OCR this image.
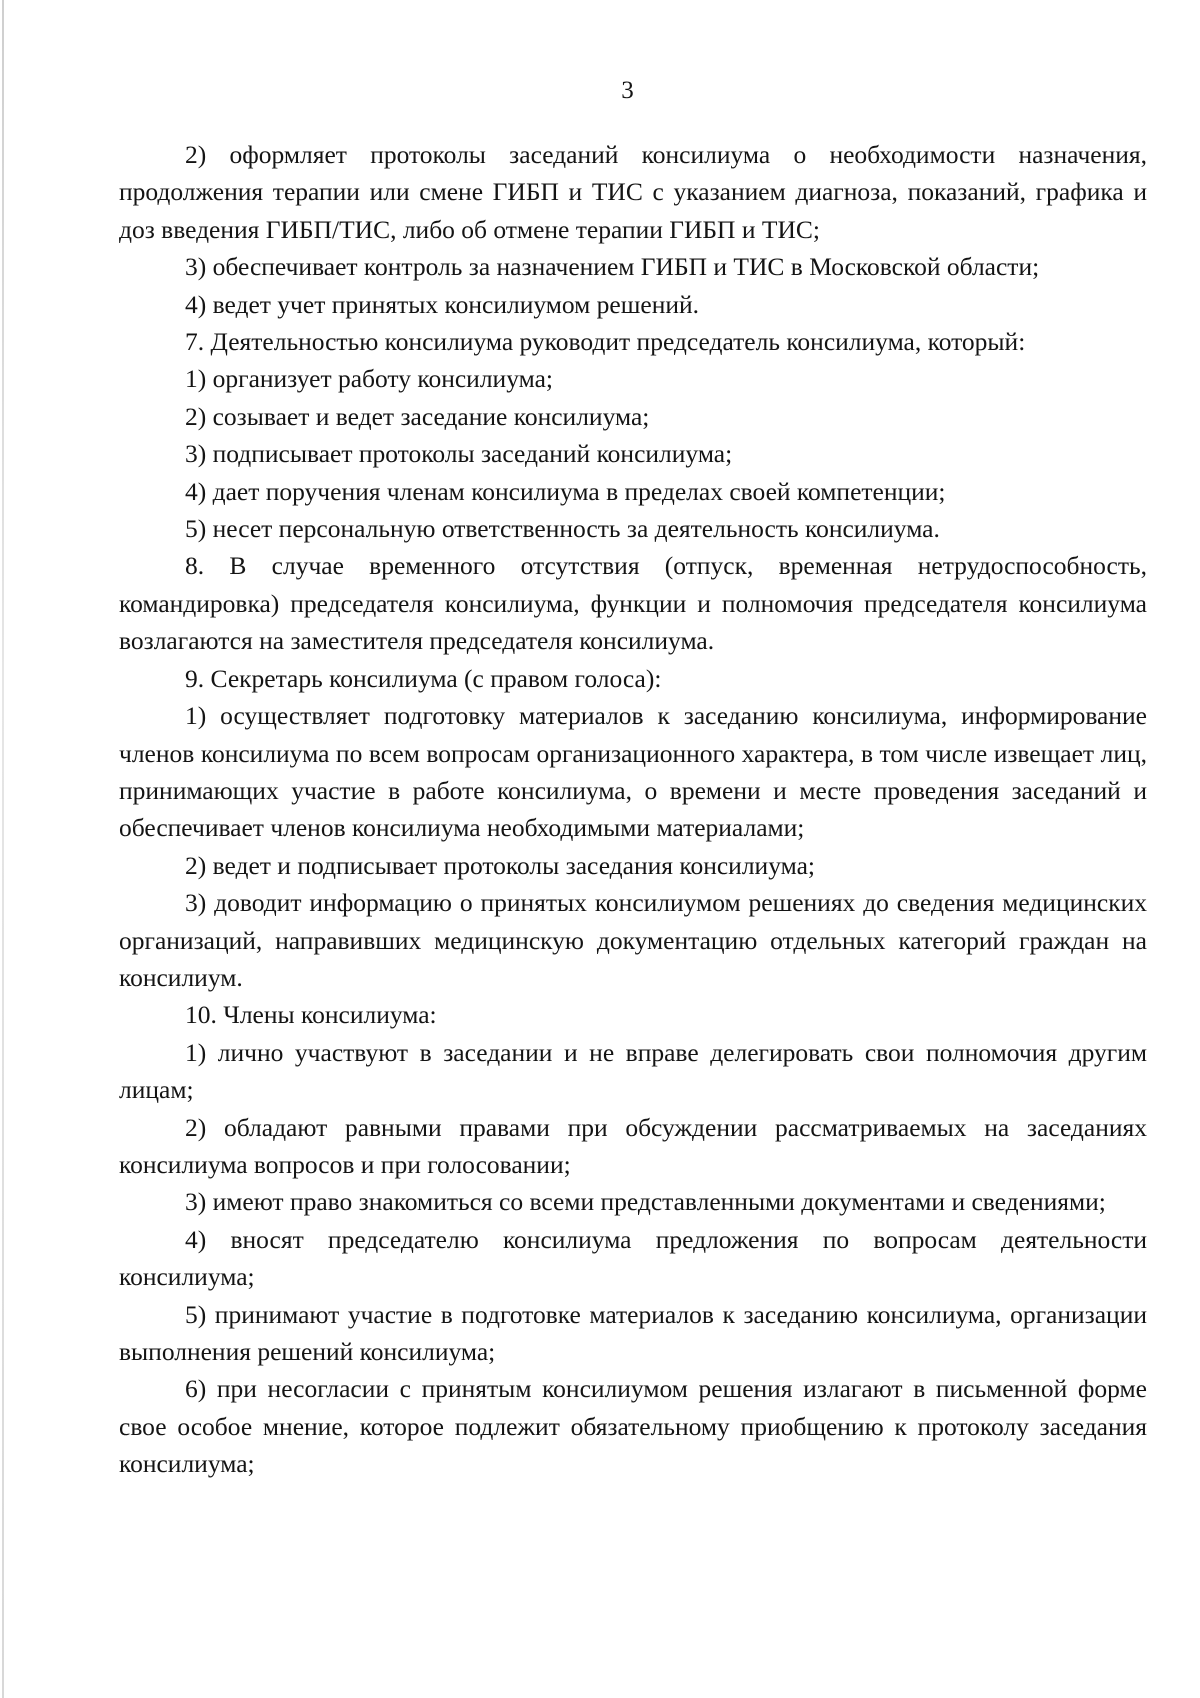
3

2) оформляет протоколы заседаний консилиума о необходимости назначения, продолжения терапии или смене ГИБП и ТИС с указанием диагноза, показаний, графика и доз введения ГИБП/ТИС, либо об отмене терапии ГИБП и ТИС;

3) обеспечивает контроль за назначением ГИБП и ТИС в Московской области;

4) ведет учет принятых консилиумом решений.

7. Деятельностью консилиума руководит председатель консилиума, который:

1) организует работу консилиума;

2) созывает и ведет заседание консилиума;

3) подписывает протоколы заседаний консилиума;

4) дает поручения членам консилиума в пределах своей компетенции;

5) несет персональную ответственность за деятельность консилиума.

8. В случае временного отсутствия (отпуск, временная нетрудоспособность, командировка) председателя консилиума, функции и полномочия председателя консилиума возлагаются на заместителя председателя консилиума.

9. Секретарь консилиума (с правом голоса):

1) осуществляет подготовку материалов к заседанию консилиума, информирование членов консилиума по всем вопросам организационного характера, в том числе извещает лиц, принимающих участие в работе консилиума, о времени и месте проведения заседаний и обеспечивает членов консилиума необходимыми материалами;

2) ведет и подписывает протоколы заседания консилиума;

3) доводит информацию о принятых консилиумом решениях до сведения медицинских организаций, направивших медицинскую документацию отдельных категорий граждан на консилиум.

10. Члены консилиума:

1) лично участвуют в заседании и не вправе делегировать свои полномочия другим лицам;

2) обладают равными правами при обсуждении рассматриваемых на заседаниях консилиума вопросов и при голосовании;

3) имеют право знакомиться со всеми представленными документами и сведениями;

4) вносят председателю консилиума предложения по вопросам деятельности консилиума;

5) принимают участие в подготовке материалов к заседанию консилиума, организации выполнения решений консилиума;

6) при несогласии с принятым консилиумом решения излагают в письменной форме свое особое мнение, которое подлежит обязательному приобщению к протоколу заседания консилиума;
